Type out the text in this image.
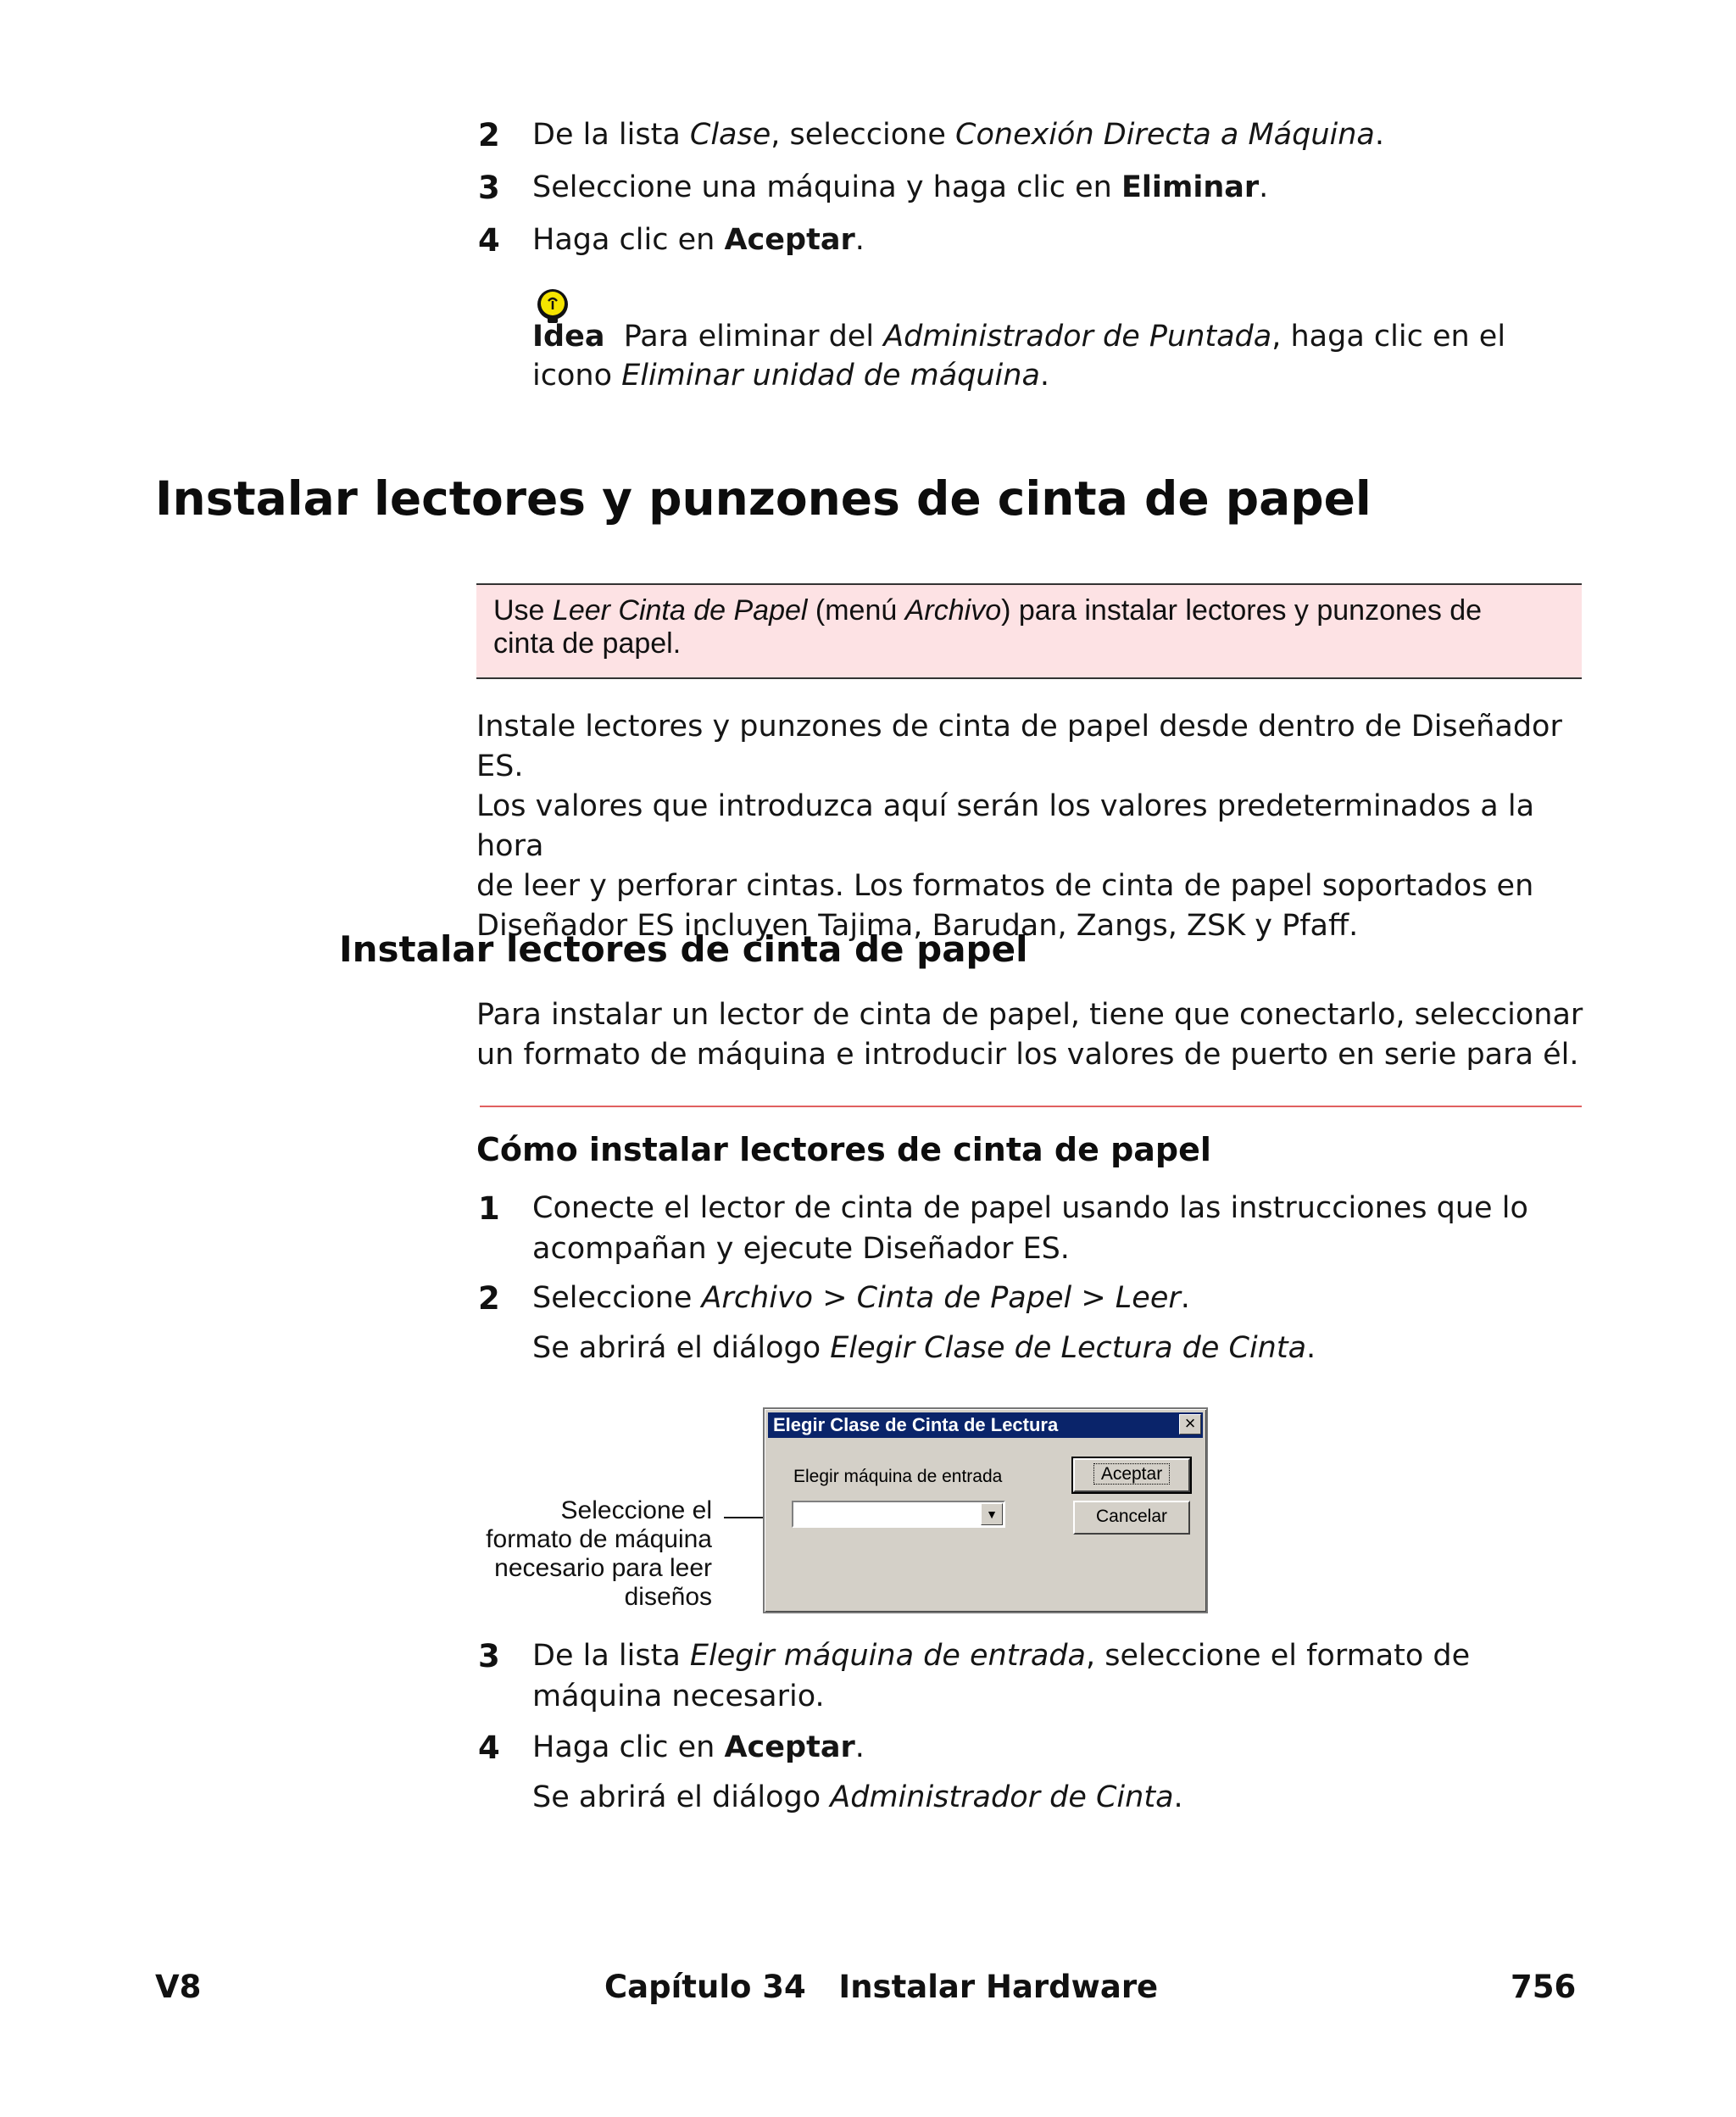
2 De la lista Clase, seleccione Conexión Directa a Máquina.
3 Seleccione una máquina y haga clic en Eliminar.
4 Haga clic en Aceptar.
Idea Para eliminar del Administrador de Puntada, haga clic en el
icono Eliminar unidad de máquina.
Instalar lectores y punzones de cinta de papel
Use Leer Cinta de Papel (menú Archivo) para instalar lectores y punzones de
cinta de papel.
Instale lectores y punzones de cinta de papel desde dentro de Diseñador ES.
Los valores que introduzca aquí serán los valores predeterminados a la hora
de leer y perforar cintas. Los formatos de cinta de papel soportados en
Diseñador ES incluyen Tajima, Barudan, Zangs, ZSK y Pfaff.
Instalar lectores de cinta de papel
Para instalar un lector de cinta de papel, tiene que conectarlo, seleccionar
un formato de máquina e introducir los valores de puerto en serie para él.
Cómo instalar lectores de cinta de papel
1 Conecte el lector de cinta de papel usando las instrucciones que lo
acompañan y ejecute Diseñador ES.
2 Seleccione Archivo > Cinta de Papel > Leer.
Se abrirá el diálogo Elegir Clase de Lectura de Cinta.
Seleccione el
formato de máquina
necesario para leer
diseños
Elegir Clase de Cinta de Lectura	×
Elegir máquina de entrada
▼
Aceptar
Cancelar
3 De la lista Elegir máquina de entrada, seleccione el formato de
máquina necesario.
4 Haga clic en Aceptar.
Se abrirá el diálogo Administrador de Cinta.
V8	Capítulo 34   Instalar Hardware	756
